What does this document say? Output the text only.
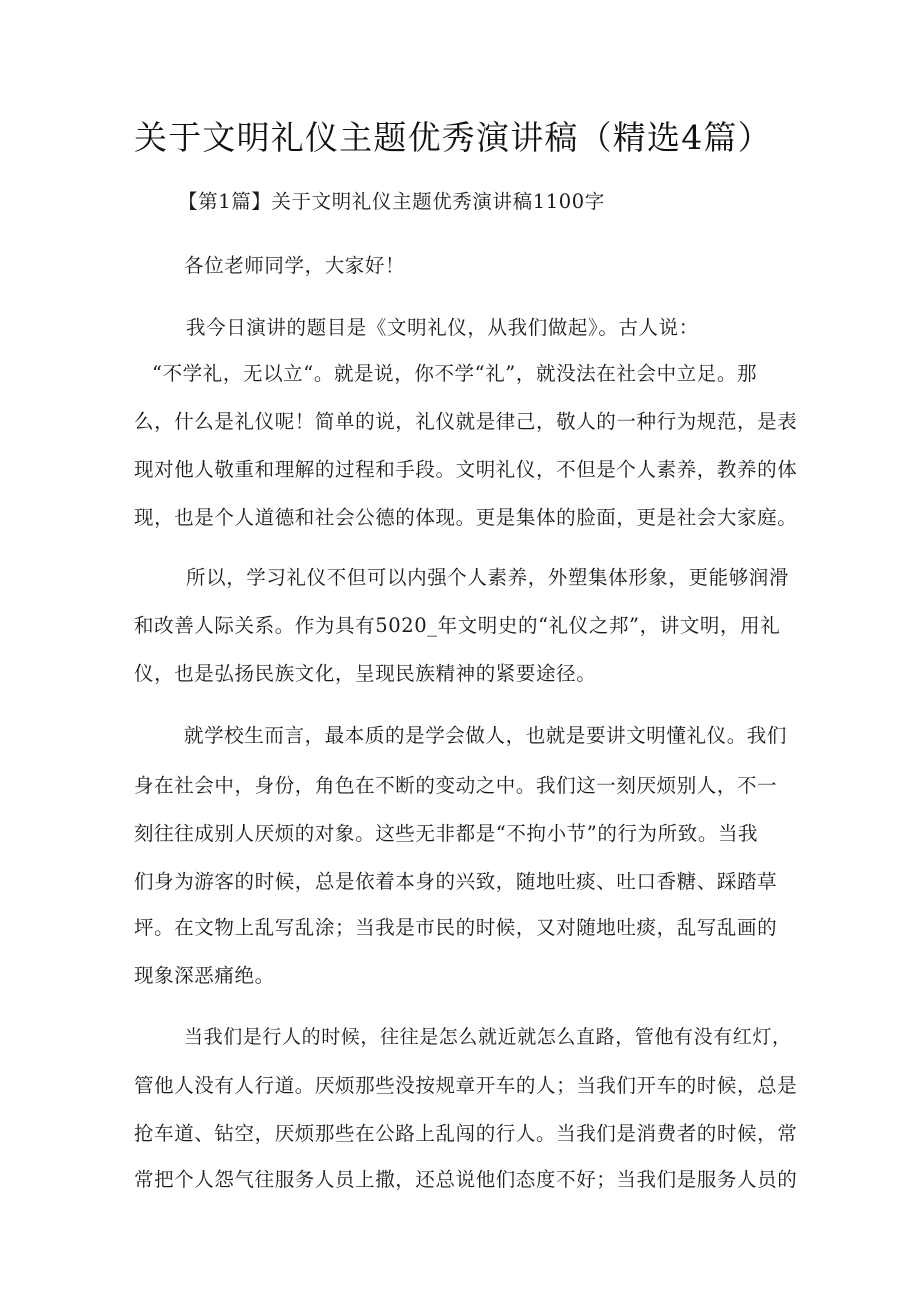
关于文明礼仪主题优秀演讲稿（精选4篇）
【第1篇】关于文明礼仪主题优秀演讲稿1100字
各位老师同学，大家好！
我今日演讲的题目是《文明礼仪，从我们做起》。古人说：
“不学礼，无以立“。就是说，你不学“礼”，就没法在社会中立足。那
么，什么是礼仪呢！简单的说，礼仪就是律己，敬人的一种行为规范，是表
现对他人敬重和理解的过程和手段。文明礼仪，不但是个人素养，教养的体
现，也是个人道德和社会公德的体现。更是集体的脸面，更是社会大家庭。
所以，学习礼仪不但可以内强个人素养，外塑集体形象，更能够润滑
和改善人际关系。作为具有5020_年文明史的“礼仪之邦”，讲文明，用礼
仪，也是弘扬民族文化，呈现民族精神的紧要途径。
就学校生而言，最本质的是学会做人，也就是要讲文明懂礼仪。我们
身在社会中，身份，角色在不断的变动之中。我们这一刻厌烦别人，不一
刻往往成别人厌烦的对象。这些无非都是“不拘小节”的行为所致。当我
们身为游客的时候，总是依着本身的兴致，随地吐痰、吐口香糖、踩踏草
坪。在文物上乱写乱涂；当我是市民的时候，又对随地吐痰，乱写乱画的
现象深恶痛绝。
当我们是行人的时候，往往是怎么就近就怎么直路，管他有没有红灯，
管他人没有人行道。厌烦那些没按规章开车的人；当我们开车的时候，总是
抢车道、钻空，厌烦那些在公路上乱闯的行人。当我们是消费者的时候，常
常把个人怨气往服务人员上撒，还总说他们态度不好；当我们是服务人员的
